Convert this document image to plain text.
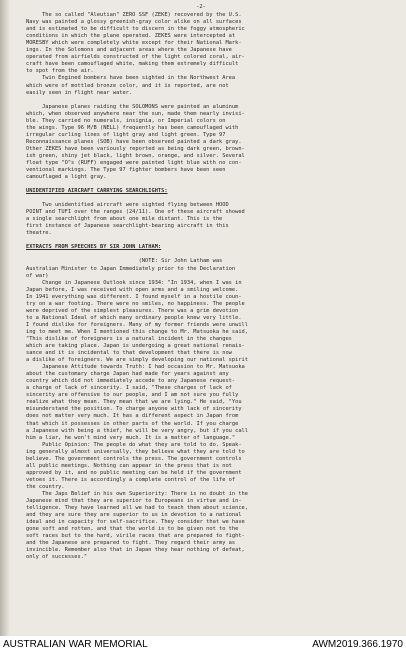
-2-

The so called "Aleutian" ZERO SSF (ZEKE) recovered by the U.S.

Navy was painted a glossy greenish-gray color alike on all surfaces

and is estimated to be difficult to discern in the foggy atmospheric

conditions in which the plane operated. ZEKES were intercepted at

MORESBY which were completely white except for their National Mark-

ings. In the Solomons and adjacent areas where the Japanese have

operated from airfields constructed of the light colored coral, air-

craft have been camouflaged white, making them extremely difficult

to spot from the air.

Twin Engined bombers have been sighted in the Northwest Area

which were of mottled bronze color, and it is reported, are not

easily seen in flight near water.

Japanese planes raiding the SOLOMONS were painted an aluminum

which, when observed anywhere near the sun, made them nearly invisi-

ble. They carried no numerals, insignia, or Imperial colors on

the wings. Type 96 M/B (NELL) frequently has been camouflaged with

irregular curling lines of light gray and light green. Type 97

Reconnaissance planes (SOB) have been observed painted a dark gray.

Other ZEKES have been variously reported as being dark green, brown-

ish green, shiny jet black, light brown, orange, and silver. Several

float type "O"s (RUFF) engaged were painted light blue with no con-

ventional markings. The Type 97 fighter bombers have been seen

camouflaged a light gray.

UNIDENTIFIED AIRCRAFT CARRYING SEARCHLIGHTS:

Two unidentified aircraft were sighted flying between HOOD

POINT and TUFI over the ranges (24/11). One of these aircraft showed

a single searchlight from about one mile distant. This is the

first instance of Japanese searchlight-bearing aircraft in this

theatre.

EXTRACTS FROM SPEECHES BY SIR JOHN LATHAM:

(NOTE: Sir John Latham was

Australian Minister to Japan Immediately prior to the Declaration

of war)

Change in Japanese Outlook since 1934: "In 1934, when I was in

Japan before, I was received with open arms and a smiling welcome.

In 1941 everything was different. I found myself in a hostile coun-

try on a war footing. There were no smiles, no happiness. The people

were deprived of the simplest pleasures. There was a grim devotion

to a National Ideal of which many ordinary people knew very little.

I found dislike for foreigners. Many of my former friends were unwill

ing to meet me. When I mentioned this change to Mr. Matsuoka he said,

"This dislike of foreigners is a natural incident in the changes

which are taking place. Japan is undergoing a great national renais-

sance and it is incidental to that development that there is now

a dislike of foreigners. We are simply developing our national spirit

Japanese Attitude towards Truth: I had occasion to Mr. Matsuoka

about the customary charge Japan had made for years against any

country which did not immediately accede to any Japanese request-

a charge of lack of sincerity. I said, "These charges of lack of

sincerity are offensive to our people, and I am not sure you fully

realize what they mean. They mean that we are lying." He said, "You

misunderstand the position. To charge anyone with lack of sincerity

does not matter very much. It has a different aspect in Japan from

that which it possesses in other parts of the world. If you charge

a Japanese with being a thief, he will be very angry, but if you call

him a liar, he won't mind very much. It is a matter of language."

Public Opinion: The people do what they are told to do. Speak-

ing generally almost universally, they believe what they are told to

believe. The government controls the press. The government controls

all public meetings. Nothing can appear in the press that is not

approved by it, and no public meeting can be held if the government

vetoes it. There is accordingly a complete control of the life of

the country.

The Japs Belief in his own Superiority: There is no doubt in the

Japanese mind that they are superior to Europeans in virtue and in-

telligence. They have learned all we had to teach them about science,

and they are sure they are superior to us in devotion to a national

ideal and in capacity for self-sacrifice. They consider that we have

gone soft and rotten, and that the world is to be given not to the

soft races but to the hard, virile races that are prepared to fight-

and the Japanese are prepared to fight. They regard their army as

invincible. Remember also that in Japan they hear nothing of defeat,

only of successes."

AUSTRALIAN WAR MEMORIAL	AWM2019.366.1970
